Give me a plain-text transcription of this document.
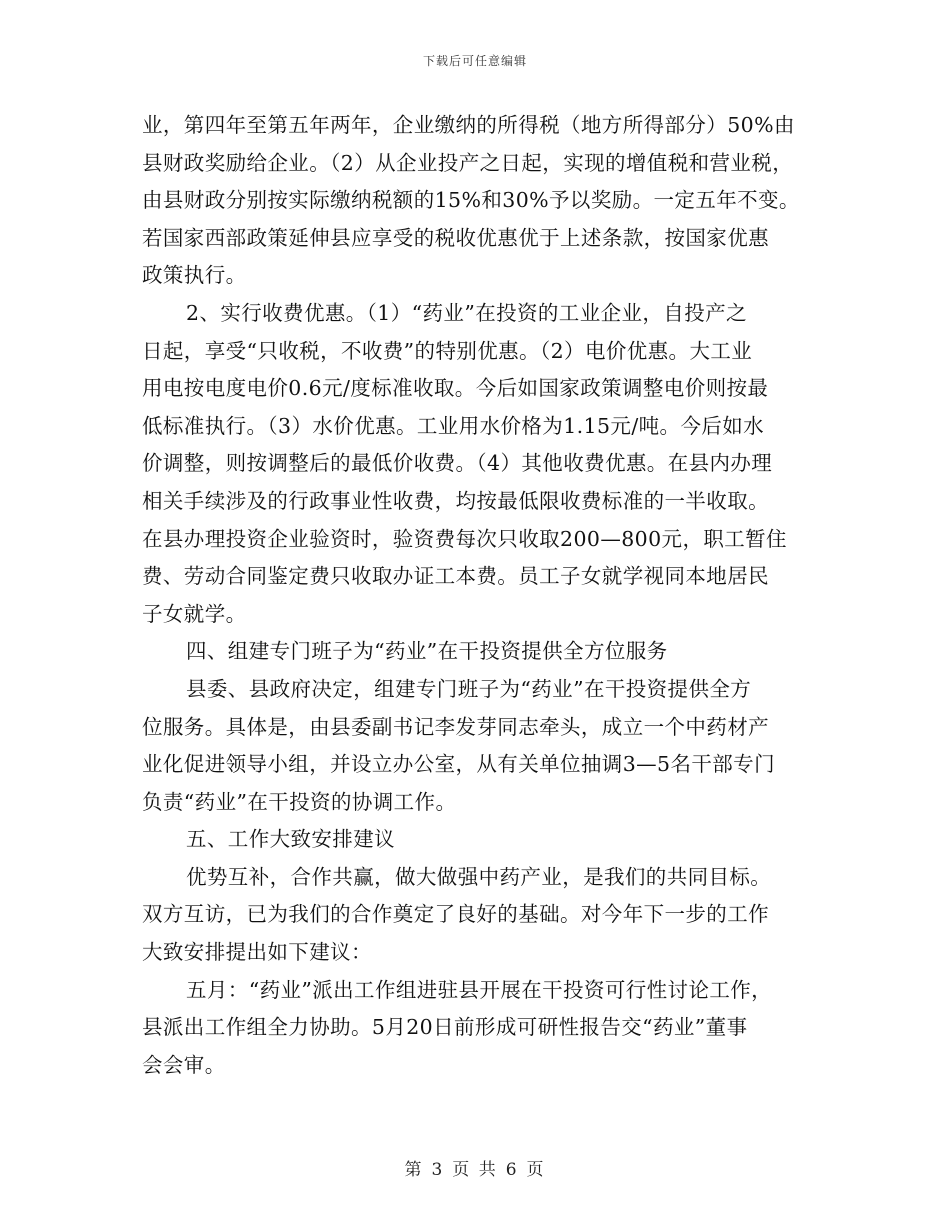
下载后可任意编辑
业，第四年至第五年两年，企业缴纳的所得税（地方所得部分）50%由
县财政奖励给企业。（2）从企业投产之日起，实现的增值税和营业税，
由县财政分别按实际缴纳税额的15%和30%予以奖励。一定五年不变。
若国家西部政策延伸县应享受的税收优惠优于上述条款，按国家优惠
政策执行。
2、实行收费优惠。（1）“药业”在投资的工业企业，自投产之
日起，享受“只收税，不收费”的特别优惠。（2）电价优惠。大工业
用电按电度电价0.6元/度标准收取。今后如国家政策调整电价则按最
低标准执行。（3）水价优惠。工业用水价格为1.15元/吨。今后如水
价调整，则按调整后的最低价收费。（4）其他收费优惠。在县内办理
相关手续涉及的行政事业性收费，均按最低限收费标准的一半收取。
在县办理投资企业验资时，验资费每次只收取200—800元，职工暂住
费、劳动合同鉴定费只收取办证工本费。员工子女就学视同本地居民
子女就学。
四、组建专门班子为“药业”在干投资提供全方位服务
县委、县政府决定，组建专门班子为“药业”在干投资提供全方
位服务。具体是，由县委副书记李发芽同志牵头，成立一个中药材产
业化促进领导小组，并设立办公室，从有关单位抽调3—5名干部专门
负责“药业”在干投资的协调工作。
五、工作大致安排建议
优势互补，合作共赢，做大做强中药产业，是我们的共同目标。
双方互访，已为我们的合作奠定了良好的基础。对今年下一步的工作
大致安排提出如下建议：
五月：“药业”派出工作组进驻县开展在干投资可行性讨论工作，
县派出工作组全力协助。5月20日前形成可研性报告交“药业”董事
会会审。
第 3 页 共 6 页
